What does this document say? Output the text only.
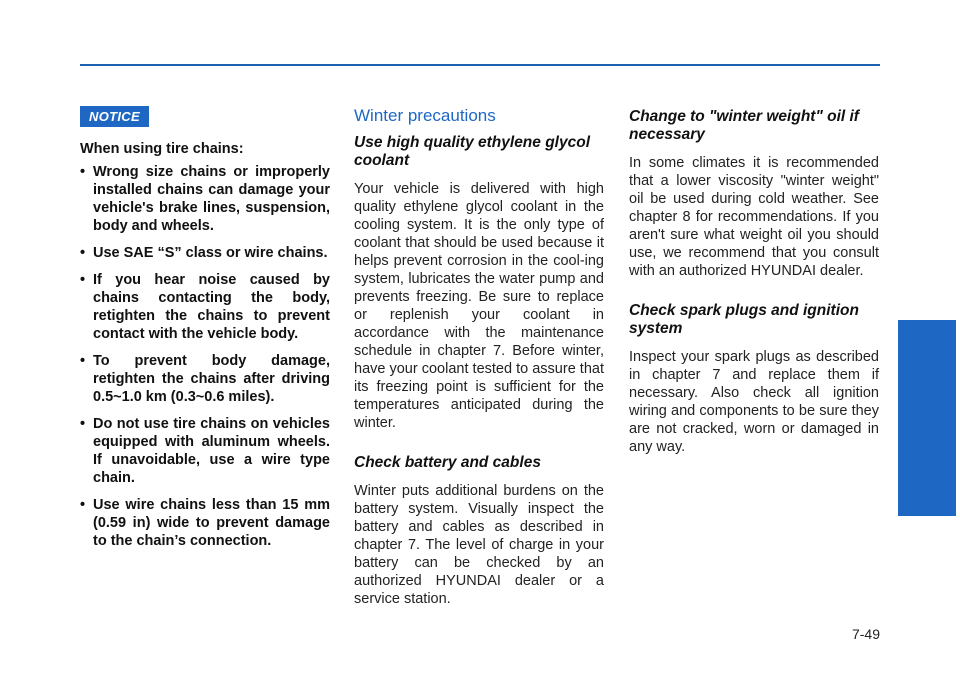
NOTICE
When using tire chains:
• Wrong size chains or improperly installed chains can damage your vehicle's brake lines, suspension, body and wheels.
• Use SAE “S” class or wire chains.
• If you hear noise caused by chains contacting the body, retighten the chains to prevent contact with the vehicle body.
• To prevent body damage, retighten the chains after driving 0.5~1.0 km (0.3~0.6 miles).
• Do not use tire chains on vehicles equipped with aluminum wheels. If unavoidable, use a wire type chain.
• Use wire chains less than 15 mm (0.59 in) wide to prevent damage to the chain’s connection.
Winter precautions
Use high quality ethylene glycol coolant

Your vehicle is delivered with high quality ethylene glycol coolant in the cooling system. It is the only type of coolant that should be used because it helps prevent corrosion in the cool-ing system, lubricates the water pump and prevents freezing. Be sure to replace or replenish your coolant in accordance with the maintenance schedule in chapter 7. Before winter, have your coolant tested to assure that its freezing point is sufficient for the temperatures anticipated during the winter.

Check battery and cables

Winter puts additional burdens on the battery system. Visually inspect the battery and cables as described in chapter 7. The level of charge in your battery can be checked by an authorized HYUNDAI dealer or a service station.

Change to "winter weight" oil if necessary

In some climates it is recommended that a lower viscosity "winter weight" oil be used during cold weather. See chapter 8 for recommendations. If you aren't sure what weight oil you should use, we recommend that you consult with an authorized HYUNDAI dealer.

Check spark plugs and ignition system

Inspect your spark plugs as described in chapter 7 and replace them if necessary. Also check all ignition wiring and components to be sure they are not cracked, worn or damaged in any way.	Driving your vehicle
7-49
